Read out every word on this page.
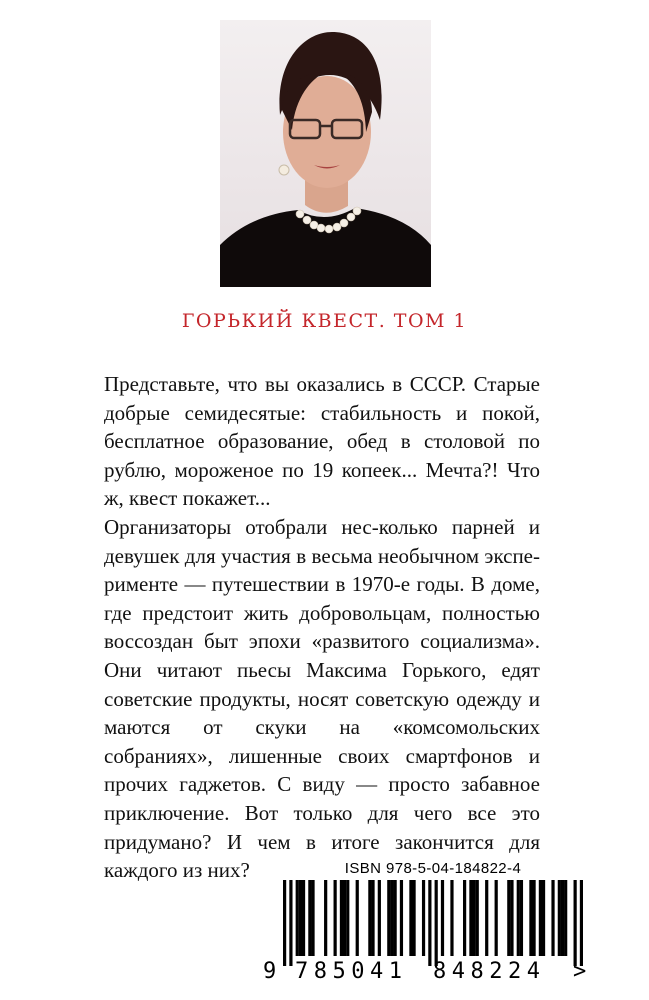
ГОРЬКИЙ КВЕСТ. ТОМ 1

Представьте, что вы оказались в СССР. Старые добрые семидесятые: стабильность и покой, бесплатное образование, обед в столовой по рублю, мороженое по 19 копеек... Мечта?! Что ж, квест покажет...

Организаторы отобрали нес-колько парней и девушек для участия в весьма необычном эксперименте — путешествии в 1970-е годы. В доме, где предстоит жить добровольцам, полностью воссоздан быт эпохи «развитого социализма». Они читают пьесы Максима Горького, едят советские продукты, носят советскую одежду и маются от скуки на «комсомольских собраниях», лишенные своих смартфонов и прочих гаджетов. С виду — просто забавное приключение. Вот только для чего все это придумано? И чем в итоге закончится для каждого из них?	ISBN 978-5-04-184822-4
9 785041 848224 >
